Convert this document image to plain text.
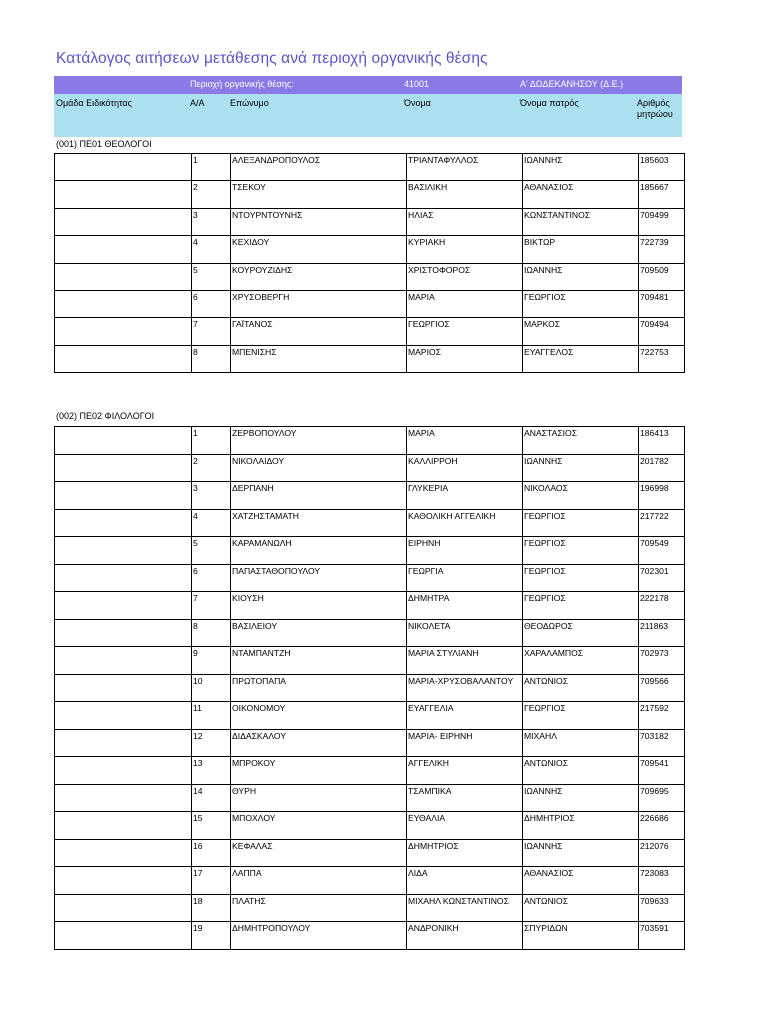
Κατάλογος αιτήσεων μετάθεσης ανά περιοχή οργανικής θέσης
Περιοχή οργανικής θέσης:	41001	Α' ΔΩΔΕΚΑΝΗΣΟΥ (Δ.Ε.)
Ομάδα Ειδικότητας	Α/Α	Επώνυμο	Όνομα	Όνομα πατρός	Αριθμός μητρώου
(001) ΠΕ01 ΘΕΟΛΟΓΟΙ
	1	ΑΛΕΞΑΝΔΡΟΠΟΥΛΟΣ	ΤΡΙΑΝΤΑΦΥΛΛΟΣ	ΙΩΑΝΝΗΣ	185603
	2	ΤΣΕΚΟΥ	ΒΑΣΙΛΙΚΗ	ΑΘΑΝΑΣΙΟΣ	185667
	3	ΝΤΟΥΡΝΤΟΥΝΗΣ	ΗΛΙΑΣ	ΚΩΝΣΤΑΝΤΙΝΟΣ	709499
	4	ΚΕΧΙΔΟΥ	ΚΥΡΙΑΚΗ	ΒΙΚΤΩΡ	722739
	5	ΚΟΥΡΟΥΖΙΔΗΣ	ΧΡΙΣΤΟΦΟΡΟΣ	ΙΩΑΝΝΗΣ	709509
	6	ΧΡΥΣΟΒΕΡΓΗ	ΜΑΡΙΑ	ΓΕΩΡΓΙΟΣ	709481
	7	ΓΑΪΤΑΝΟΣ	ΓΕΩΡΓΙΟΣ	ΜΑΡΚΟΣ	709494
	8	ΜΠΕΝΙΣΗΣ	ΜΑΡΙΟΣ	ΕΥΑΓΓΕΛΟΣ	722753
(002) ΠΕ02 ΦΙΛΟΛΟΓΟΙ
	1	ΖΕΡΒΟΠΟΥΛΟΥ	ΜΑΡΙΑ	ΑΝΑΣΤΑΣΙΟΣ	186413
	2	ΝΙΚΟΛΑΙΔΟΥ	ΚΑΛΛΙΡΡΟΗ	ΙΩΑΝΝΗΣ	201782
	3	ΔΕΡΠΑΝΗ	ΓΛΥΚΕΡΙΑ	ΝΙΚΟΛΑΟΣ	196998
	4	ΧΑΤΖΗΣΤΑΜΑΤΗ	ΚΑΘΟΛΙΚΗ ΑΓΓΕΛΙΚΗ	ΓΕΩΡΓΙΟΣ	217722
	5	ΚΑΡΑΜΑΝΩΛΗ	ΕΙΡΗΝΗ	ΓΕΩΡΓΙΟΣ	709549
	6	ΠΑΠΑΣΤΑΘΟΠΟΥΛΟΥ	ΓΕΩΡΓΙΑ	ΓΕΩΡΓΙΟΣ	702301
	7	ΚΙΟΥΣΗ	ΔΗΜΗΤΡΑ	ΓΕΩΡΓΙΟΣ	222178
	8	ΒΑΣΙΛΕΙΟΥ	ΝΙΚΟΛΕΤΑ	ΘΕΟΔΩΡΟΣ	211863
	9	ΝΤΑΜΠΑΝΤΖΗ	ΜΑΡΙΑ ΣΤΥΛΙΑΝΗ	ΧΑΡΑΛΑΜΠΟΣ	702973
	10	ΠΡΩΤΟΠΑΠΑ	ΜΑΡΙΑ-ΧΡΥΣΟΒΑΛΑΝΤΟΥ	ΑΝΤΩΝΙΟΣ	709566
	11	ΟΙΚΟΝΟΜΟΥ	ΕΥΑΓΓΕΛΙΑ	ΓΕΩΡΓΙΟΣ	217592
	12	ΔΙΔΑΣΚΑΛΟΥ	ΜΑΡΙΑ- ΕΙΡΗΝΗ	ΜΙΧΑΗΛ	703182
	13	ΜΠΡΟΚΟΥ	ΑΓΓΕΛΙΚΗ	ΑΝΤΩΝΙΟΣ	709541
	14	ΘΥΡΗ	ΤΣΑΜΠΙΚΑ	ΙΩΑΝΝΗΣ	709695
	15	ΜΠΟΧΛΟΥ	ΕΥΘΑΛΙΑ	ΔΗΜΗΤΡΙΟΣ	226686
	16	ΚΕΦΑΛΑΣ	ΔΗΜΗΤΡΙΟΣ	ΙΩΑΝΝΗΣ	212076
	17	ΛΑΠΠΑ	ΛΙΔΑ	ΑΘΑΝΑΣΙΟΣ	723083
	18	ΠΛΑΤΗΣ	ΜΙΧΑΗΛ ΚΩΝΣΤΑΝΤΙΝΟΣ	ΑΝΤΩΝΙΟΣ	709633
	19	ΔΗΜΗΤΡΟΠΟΥΛΟΥ	ΑΝΔΡΟΝΙΚΗ	ΣΠΥΡΙΔΩΝ	703591
